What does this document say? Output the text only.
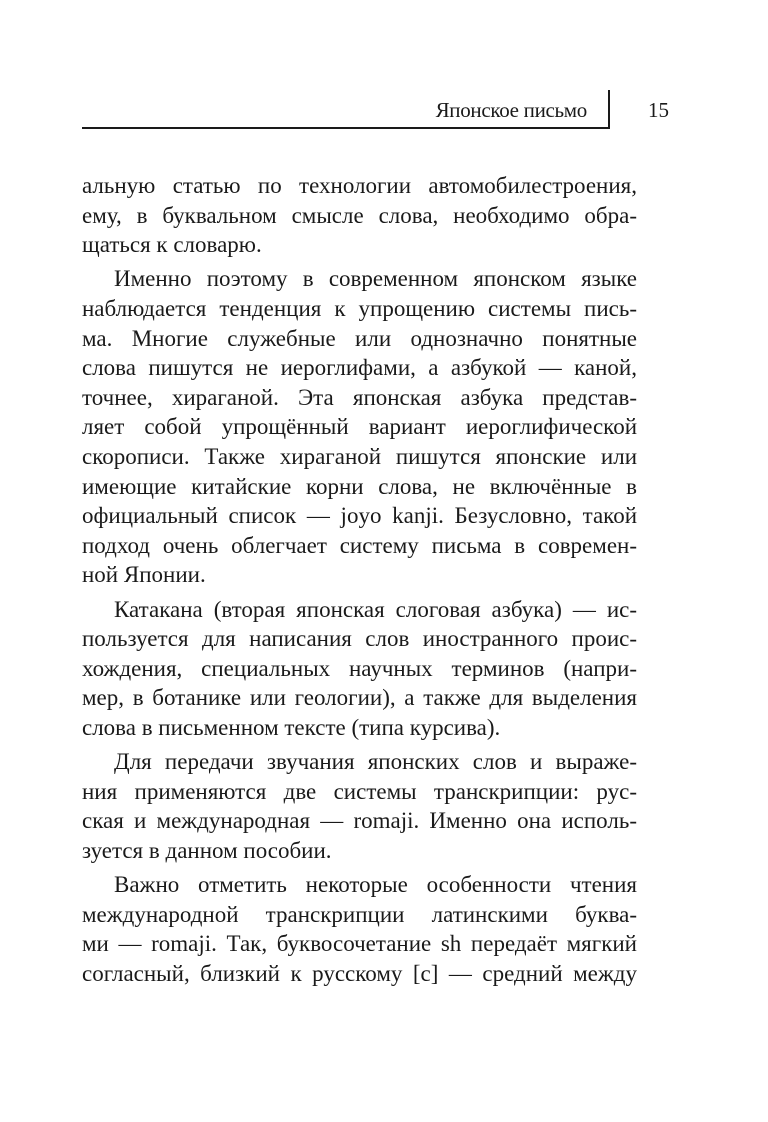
Японское письмо	15
альную статью по технологии автомобилестроения,
ему, в буквальном смысле слова, необходимо обра-
щаться к словарю.
Именно поэтому в современном японском языке
наблюдается тенденция к упрощению системы пись-
ма. Многие служебные или однозначно понятные
слова пишутся не иероглифами, а азбукой — каной,
точнее, хираганой. Эта японская азбука представ-
ляет собой упрощённый вариант иероглифической
скорописи. Также хираганой пишутся японские или
имеющие китайские корни слова, не включённые в
официальный список — joyo kanji. Безусловно, такой
подход очень облегчает систему письма в современ-
ной Японии.
Катакана (вторая японская слоговая азбука) — ис-
пользуется для написания слов иностранного проис-
хождения, специальных научных терминов (напри-
мер, в ботанике или геологии), а также для выделения
слова в письменном тексте (типа курсива).
Для передачи звучания японских слов и выраже-
ния применяются две системы транскрипции: рус-
ская и международная — romaji. Именно она исполь-
зуется в данном пособии.
Важно отметить некоторые особенности чтения
международной транскрипции латинскими буква-
ми — romaji. Так, буквосочетание sh передаёт мягкий
согласный, близкий к русскому [с] — средний между
